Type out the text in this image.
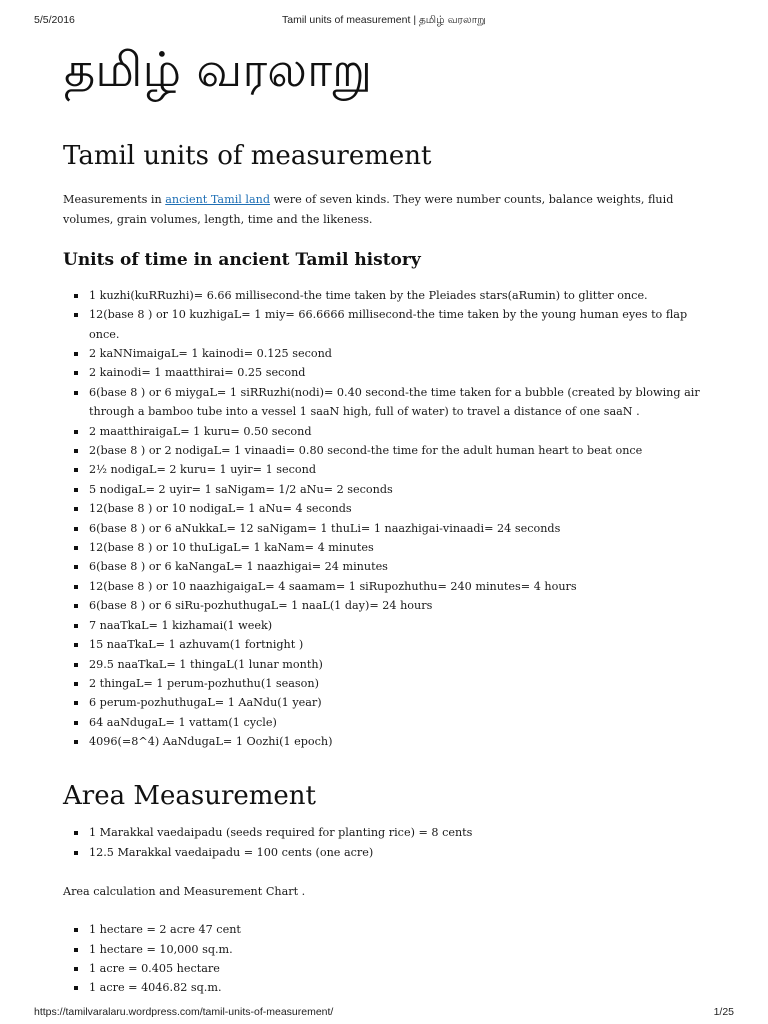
5/5/2016	Tamil units of measurement | தமிழ் வரலாறு
தமிழ் வரலாறு
Tamil units of measurement

Measurements in ancient Tamil land were of seven kinds. They were number counts, balance weights, fluid volumes, grain volumes, length, time and the likeness.

Units of time in ancient Tamil history
1 kuzhi(kuRRuzhi)= 6.66 millisecond-the time taken by the Pleiades stars(aRumin) to glitter once.
12(base 8 ) or 10 kuzhigaL= 1 miy= 66.6666 millisecond-the time taken by the young human eyes to flap once.
2 kaNNimaigaL= 1 kainodi= 0.125 second
2 kainodi= 1 maatthirai= 0.25 second
6(base 8 ) or 6 miygaL= 1 siRRuzhi(nodi)= 0.40 second-the time taken for a bubble (created by blowing air through a bamboo tube into a vessel 1 saaN high, full of water) to travel a distance of one saaN .
2 maatthiraigaL= 1 kuru= 0.50 second
2(base 8 ) or 2 nodigaL= 1 vinaadi= 0.80 second-the time for the adult human heart to beat once
2½ nodigaL= 2 kuru= 1 uyir= 1 second
5 nodigaL= 2 uyir= 1 saNigam= 1/2 aNu= 2 seconds
12(base 8 ) or 10 nodigaL= 1 aNu= 4 seconds
6(base 8 ) or 6 aNukkaL= 12 saNigam= 1 thuLi= 1 naazhigai-vinaadi= 24 seconds
12(base 8 ) or 10 thuLigaL= 1 kaNam= 4 minutes
6(base 8 ) or 6 kaNangaL= 1 naazhigai= 24 minutes
12(base 8 ) or 10 naazhigaigaL= 4 saamam= 1 siRupozhuthu= 240 minutes= 4 hours
6(base 8 ) or 6 siRu-pozhuthugaL= 1 naaL(1 day)= 24 hours
7 naaTkaL= 1 kizhamai(1 week)
15 naaTkaL= 1 azhuvam(1 fortnight )
29.5 naaTkaL= 1 thingaL(1 lunar month)
2 thingaL= 1 perum-pozhuthu(1 season)
6 perum-pozhuthugaL= 1 AaNdu(1 year)
64 aaNdugaL= 1 vattam(1 cycle)
4096(=8^4) AaNdugaL= 1 Oozhi(1 epoch)
Area Measurement
1 Marakkal vaedaipadu (seeds required for planting rice) = 8 cents
12.5 Marakkal vaedaipadu = 100 cents (one acre)

Area calculation and Measurement Chart .

1 hectare = 2 acre 47 cent
1 hectare = 10,000 sq.m.
1 acre = 0.405 hectare
1 acre = 4046.82 sq.m.
https://tamilvaralaru.wordpress.com/tamil-units-of-measurement/	1/25
